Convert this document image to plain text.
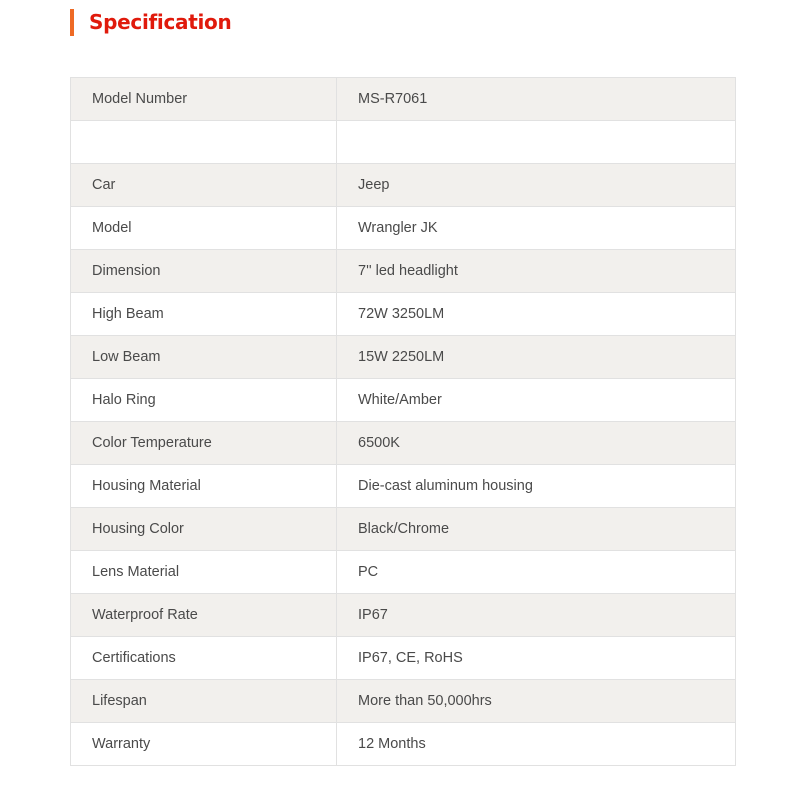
Specification
Model Number	MS-R7061

Car	Jeep
Model	Wrangler JK
Dimension	7'' led headlight
High Beam	72W 3250LM
Low Beam	15W 2250LM
Halo Ring	White/Amber
Color Temperature	6500K
Housing Material	Die-cast aluminum housing
Housing Color	Black/Chrome
Lens Material	PC
Waterproof Rate	IP67
Certifications	IP67, CE, RoHS
Lifespan	More than 50,000hrs
Warranty	12 Months
